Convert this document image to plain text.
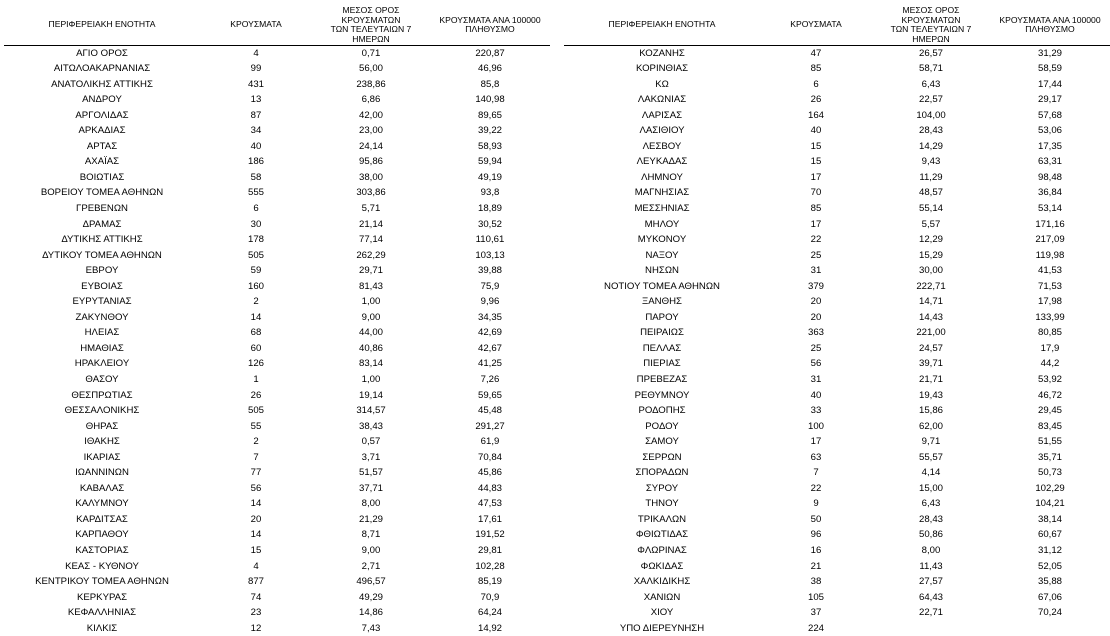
ΠΕΡΙΦΕΡΕΙΑΚΗ ΕΝΟΤΗΤΑ	ΚΡΟΥΣΜΑΤΑ	ΜΕΣΟΣ ΟΡΟΣ ΚΡΟΥΣΜΑΤΩΝ
ΤΩΝ ΤΕΛΕΥΤΑΙΩΝ 7 ΗΜΕΡΩΝ	ΚΡΟΥΣΜΑΤΑ ΑΝΑ 100000
ΠΛΗΘΥΣΜΟ		ΠΕΡΙΦΕΡΕΙΑΚΗ ΕΝΟΤΗΤΑ	ΚΡΟΥΣΜΑΤΑ	ΜΕΣΟΣ ΟΡΟΣ ΚΡΟΥΣΜΑΤΩΝ
ΤΩΝ ΤΕΛΕΥΤΑΙΩΝ 7 ΗΜΕΡΩΝ	ΚΡΟΥΣΜΑΤΑ ΑΝΑ 100000
ΠΛΗΘΥΣΜΟ

ΑΓΙΟ ΟΡΟΣ	4	0,71	220,87		ΚΟΖΑΝΗΣ	47	26,57	31,29
ΑΙΤΩΛΟΑΚΑΡΝΑΝΙΑΣ	99	56,00	46,96		ΚΟΡΙΝΘΙΑΣ	85	58,71	58,59
ΑΝΑΤΟΛΙΚΗΣ ΑΤΤΙΚΗΣ	431	238,86	85,8		ΚΩ	6	6,43	17,44
ΑΝΔΡΟΥ	13	6,86	140,98		ΛΑΚΩΝΙΑΣ	26	22,57	29,17
ΑΡΓΟΛΙΔΑΣ	87	42,00	89,65		ΛΑΡΙΣΑΣ	164	104,00	57,68
ΑΡΚΑΔΙΑΣ	34	23,00	39,22		ΛΑΣΙΘΙΟΥ	40	28,43	53,06
ΑΡΤΑΣ	40	24,14	58,93		ΛΕΣΒΟΥ	15	14,29	17,35
ΑΧΑΪΑΣ	186	95,86	59,94		ΛΕΥΚΑΔΑΣ	15	9,43	63,31
ΒΟΙΩΤΙΑΣ	58	38,00	49,19		ΛΗΜΝΟΥ	17	11,29	98,48
ΒΟΡΕΙΟΥ ΤΟΜΕΑ ΑΘΗΝΩΝ	555	303,86	93,8		ΜΑΓΝΗΣΙΑΣ	70	48,57	36,84
ΓΡΕΒΕΝΩΝ	6	5,71	18,89		ΜΕΣΣΗΝΙΑΣ	85	55,14	53,14
ΔΡΑΜΑΣ	30	21,14	30,52		ΜΗΛΟΥ	17	5,57	171,16
ΔΥΤΙΚΗΣ ΑΤΤΙΚΗΣ	178	77,14	110,61		ΜΥΚΟΝΟΥ	22	12,29	217,09
ΔΥΤΙΚΟΥ ΤΟΜΕΑ ΑΘΗΝΩΝ	505	262,29	103,13		ΝΑΞΟΥ	25	15,29	119,98
ΕΒΡΟΥ	59	29,71	39,88		ΝΗΣΩΝ	31	30,00	41,53
ΕΥΒΟΙΑΣ	160	81,43	75,9		ΝΟΤΙΟΥ ΤΟΜΕΑ ΑΘΗΝΩΝ	379	222,71	71,53
ΕΥΡΥΤΑΝΙΑΣ	2	1,00	9,96		ΞΑΝΘΗΣ	20	14,71	17,98
ΖΑΚΥΝΘΟΥ	14	9,00	34,35		ΠΑΡΟΥ	20	14,43	133,99
ΗΛΕΙΑΣ	68	44,00	42,69		ΠΕΙΡΑΙΩΣ	363	221,00	80,85
ΗΜΑΘΙΑΣ	60	40,86	42,67		ΠΕΛΛΑΣ	25	24,57	17,9
ΗΡΑΚΛΕΙΟΥ	126	83,14	41,25		ΠΙΕΡΙΑΣ	56	39,71	44,2
ΘΑΣΟΥ	1	1,00	7,26		ΠΡΕΒΕΖΑΣ	31	21,71	53,92
ΘΕΣΠΡΩΤΙΑΣ	26	19,14	59,65		ΡΕΘΥΜΝΟΥ	40	19,43	46,72
ΘΕΣΣΑΛΟΝΙΚΗΣ	505	314,57	45,48		ΡΟΔΟΠΗΣ	33	15,86	29,45
ΘΗΡΑΣ	55	38,43	291,27		ΡΟΔΟΥ	100	62,00	83,45
ΙΘΑΚΗΣ	2	0,57	61,9		ΣΑΜΟΥ	17	9,71	51,55
ΙΚΑΡΙΑΣ	7	3,71	70,84		ΣΕΡΡΩΝ	63	55,57	35,71
ΙΩΑΝΝΙΝΩΝ	77	51,57	45,86		ΣΠΟΡΑΔΩΝ	7	4,14	50,73
ΚΑΒΑΛΑΣ	56	37,71	44,83		ΣΥΡΟΥ	22	15,00	102,29
ΚΑΛΥΜΝΟΥ	14	8,00	47,53		ΤΗΝΟΥ	9	6,43	104,21
ΚΑΡΔΙΤΣΑΣ	20	21,29	17,61		ΤΡΙΚΑΛΩΝ	50	28,43	38,14
ΚΑΡΠΑΘΟΥ	14	8,71	191,52		ΦΘΙΩΤΙΔΑΣ	96	50,86	60,67
ΚΑΣΤΟΡΙΑΣ	15	9,00	29,81		ΦΛΩΡΙΝΑΣ	16	8,00	31,12
ΚΕΑΣ - ΚΥΘΝΟΥ	4	2,71	102,28		ΦΩΚΙΔΑΣ	21	11,43	52,05
ΚΕΝΤΡΙΚΟΥ ΤΟΜΕΑ ΑΘΗΝΩΝ	877	496,57	85,19		ΧΑΛΚΙΔΙΚΗΣ	38	27,57	35,88
ΚΕΡΚΥΡΑΣ	74	49,29	70,9		ΧΑΝΙΩΝ	105	64,43	67,06
ΚΕΦΑΛΛΗΝΙΑΣ	23	14,86	64,24		ΧΙΟΥ	37	22,71	70,24
ΚΙΛΚΙΣ	12	7,43	14,92		ΥΠΟ ΔΙΕΡΕΥΝΗΣΗ	224		
